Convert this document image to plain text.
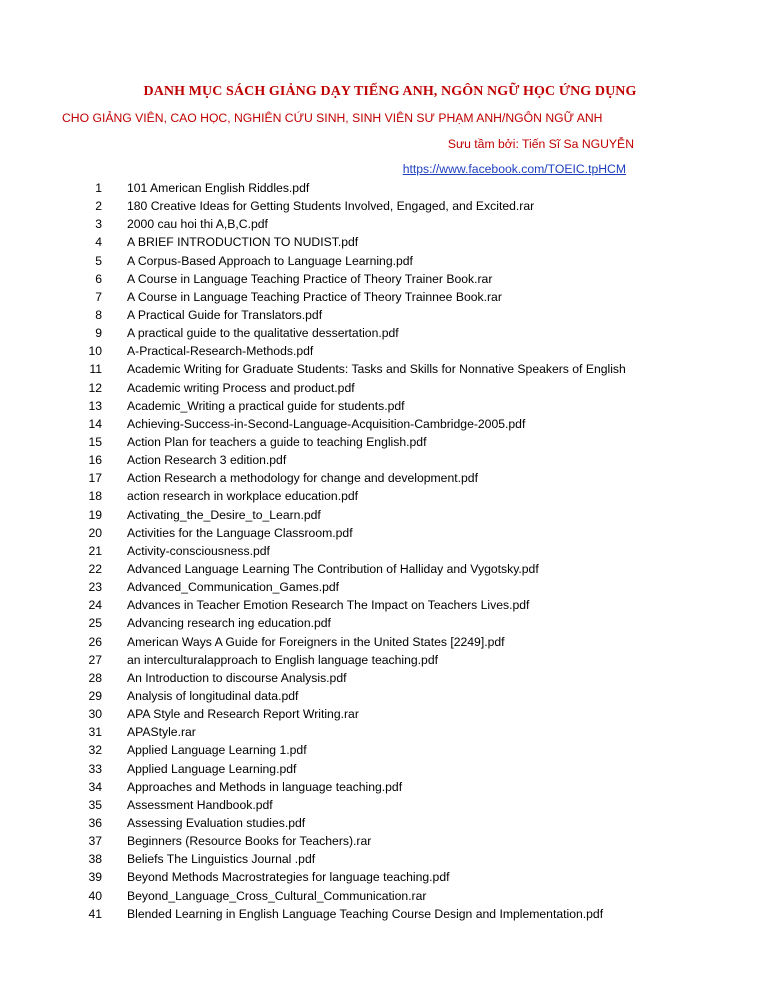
DANH MỤC SÁCH GIẢNG DẠY TIẾNG ANH, NGÔN NGỮ HỌC ỨNG DỤNG
CHO GIẢNG VIÊN, CAO HỌC, NGHIÊN CỨU SINH, SINH VIÊN SƯ PHẠM ANH/NGÔN NGỮ ANH
Sưu tầm bởi: Tiến Sĩ Sa NGUYỄN
https://www.facebook.com/TOEIC.tpHCM
1 101 American English Riddles.pdf
2 180 Creative Ideas for Getting Students Involved, Engaged, and Excited.rar
3 2000 cau hoi thi A,B,C.pdf
4 A BRIEF INTRODUCTION TO NUDIST.pdf
5 A Corpus-Based Approach to Language Learning.pdf
6 A Course in Language Teaching Practice of Theory Trainer Book.rar
7 A Course in Language Teaching Practice of Theory Trainnee Book.rar
8 A Practical Guide for Translators.pdf
9 A practical guide to the qualitative dessertation.pdf
10 A-Practical-Research-Methods.pdf
11 Academic Writing for Graduate Students: Tasks and Skills for Nonnative Speakers of English
12 Academic writing Process and product.pdf
13 Academic_Writing a practical guide for students.pdf
14 Achieving-Success-in-Second-Language-Acquisition-Cambridge-2005.pdf
15 Action Plan for teachers a guide to teaching English.pdf
16 Action Research 3 edition.pdf
17 Action Research a methodology for change and development.pdf
18 action research in workplace education.pdf
19 Activating_the_Desire_to_Learn.pdf
20 Activities for the Language Classroom.pdf
21 Activity-consciousness.pdf
22 Advanced Language Learning The Contribution of Halliday and Vygotsky.pdf
23 Advanced_Communication_Games.pdf
24 Advances in Teacher Emotion Research The Impact on Teachers Lives.pdf
25 Advancing research ing education.pdf
26 American Ways A Guide for Foreigners in the United States [2249].pdf
27 an interculturalapproach to English language teaching.pdf
28 An Introduction to discourse Analysis.pdf
29 Analysis of longitudinal data.pdf
30 APA Style and Research Report Writing.rar
31 APAStyle.rar
32 Applied Language Learning 1.pdf
33 Applied Language Learning.pdf
34 Approaches and Methods in language teaching.pdf
35 Assessment Handbook.pdf
36 Assessing Evaluation studies.pdf
37 Beginners (Resource Books for Teachers).rar
38 Beliefs The Linguistics Journal .pdf
39 Beyond Methods Macrostrategies for language teaching.pdf
40 Beyond_Language_Cross_Cultural_Communication.rar
41 Blended Learning in English Language Teaching Course Design and Implementation.pdf
